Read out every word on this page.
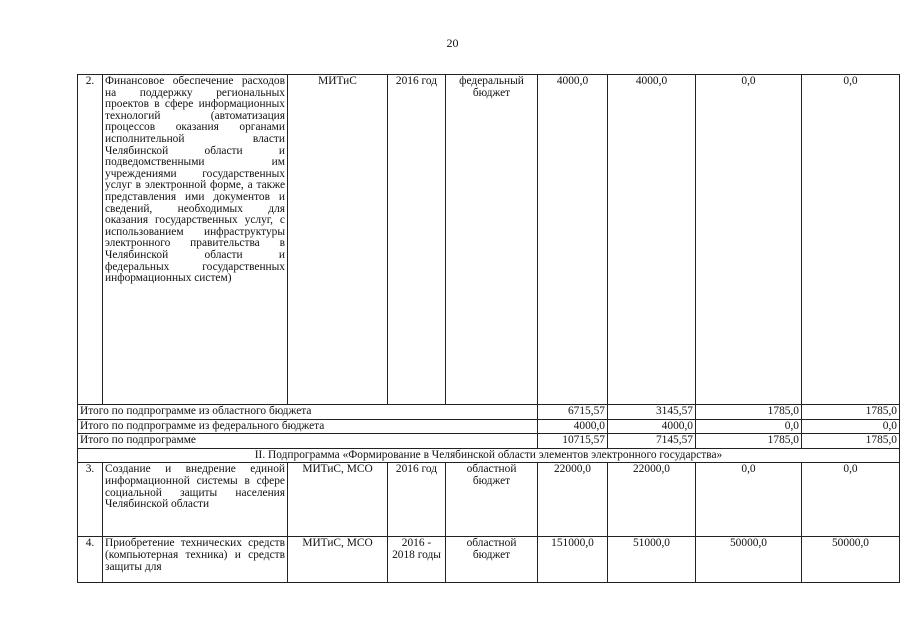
20
2.	Финансовое обеспечение расходов на поддержку региональных проектов в сфере информационных технологий (автоматизация процессов оказания органами исполнительной власти Челябинской области и подведомственными им учреждениями государственных услуг в электронной форме, а также представления ими документов и сведений, необходимых для оказания государственных услуг, с использованием инфраструктуры электронного правительства в Челябинской области и федеральных государственных информационных систем)	МИТиС	2016 год	федеральный бюджет	4000,0	4000,0	0,0	0,0
Итого по подпрограмме из областного бюджета					6715,57	3145,57	1785,0	1785,0
Итого по подпрограмме из федерального бюджета					4000,0	4000,0	0,0	0,0
Итого по подпрограмме					10715,57	7145,57	1785,0	1785,0
II. Подпрограмма «Формирование в Челябинской области элементов электронного государства»								
3.	Создание и внедрение единой информационной системы в сфере социальной защиты населения Челябинской области	МИТиС, МСО	2016 год	областной бюджет	22000,0	22000,0	0,0	0,0
4.	Приобретение технических средств (компьютерная техника) и средств защиты для	МИТиС, МСО	2016 - 2018 годы	областной бюджет	151000,0	51000,0	50000,0	50000,0
